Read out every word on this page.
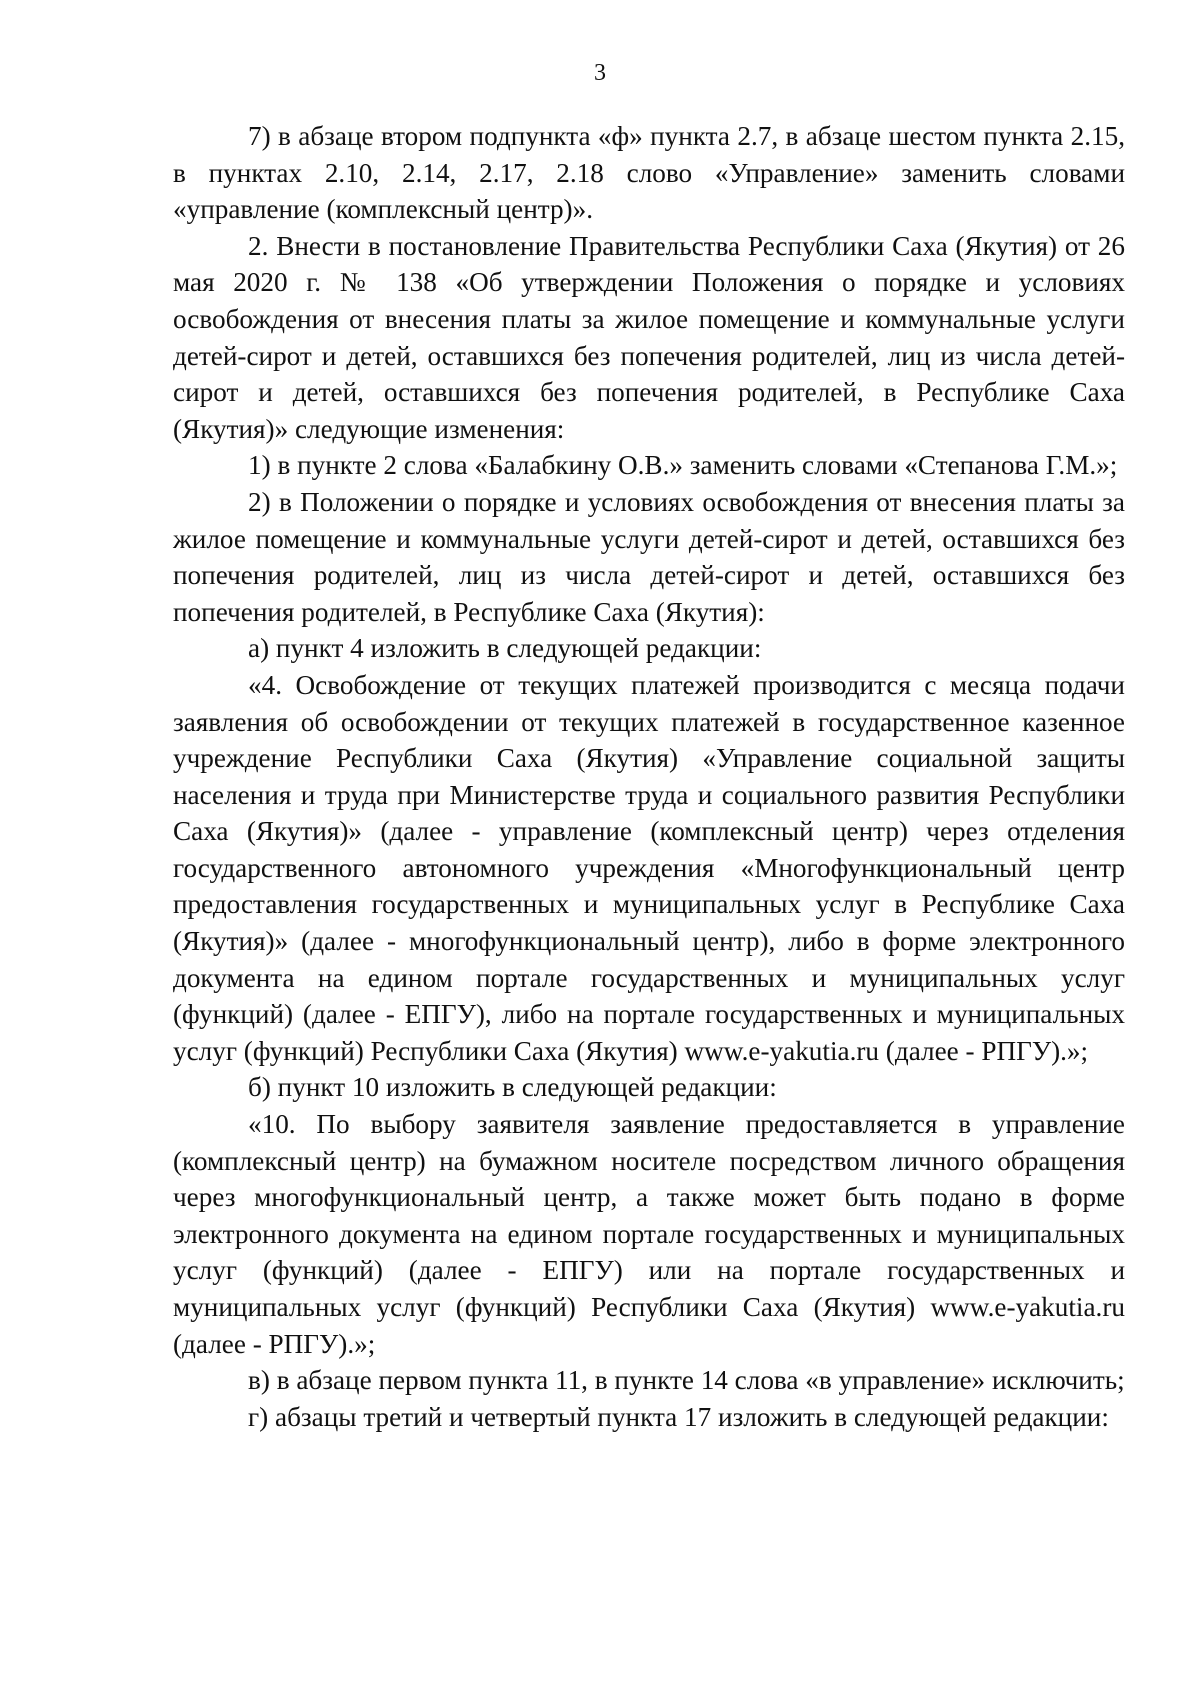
3

7) в абзаце втором подпункта «ф» пункта 2.7, в абзаце шестом пункта 2.15, в пунктах 2.10, 2.14, 2.17, 2.18 слово «Управление» заменить словами «управление (комплексный центр)».

2. Внести в постановление Правительства Республики Саха (Якутия) от 26 мая 2020 г. № 138 «Об утверждении Положения о порядке и условиях освобождения от внесения платы за жилое помещение и коммунальные услуги детей-сирот и детей, оставшихся без попечения родителей, лиц из числа детей-сирот и детей, оставшихся без попечения родителей, в Республике Саха (Якутия)» следующие изменения:

1) в пункте 2 слова «Балабкину О.В.» заменить словами «Степанова Г.М.»;

2) в Положении о порядке и условиях освобождения от внесения платы за жилое помещение и коммунальные услуги детей-сирот и детей, оставшихся без попечения родителей, лиц из числа детей-сирот и детей, оставшихся без попечения родителей, в Республике Саха (Якутия):

а) пункт 4 изложить в следующей редакции:

«4. Освобождение от текущих платежей производится с месяца подачи заявления об освобождении от текущих платежей в государственное казенное учреждение Республики Саха (Якутия) «Управление социальной защиты населения и труда при Министерстве труда и социального развития Республики Саха (Якутия)» (далее - управление (комплексный центр) через отделения государственного автономного учреждения «Многофункциональный центр предоставления государственных и муниципальных услуг в Республике Саха (Якутия)» (далее - многофункциональный центр), либо в форме электронного документа на едином портале государственных и муниципальных услуг (функций) (далее - ЕПГУ), либо на портале государственных и муниципальных услуг (функций) Республики Саха (Якутия) www.e-yakutia.ru (далее - РПГУ).»;

б) пункт 10 изложить в следующей редакции:

«10. По выбору заявителя заявление предоставляется в управление (комплексный центр) на бумажном носителе посредством личного обращения через многофункциональный центр, а также может быть подано в форме электронного документа на едином портале государственных и муниципальных услуг (функций) (далее - ЕПГУ) или на портале государственных и муниципальных услуг (функций) Республики Саха (Якутия) www.e-yakutia.ru (далее - РПГУ).»;

в) в абзаце первом пункта 11, в пункте 14 слова «в управление» исключить;

г) абзацы третий и четвертый пункта 17 изложить в следующей редакции:
